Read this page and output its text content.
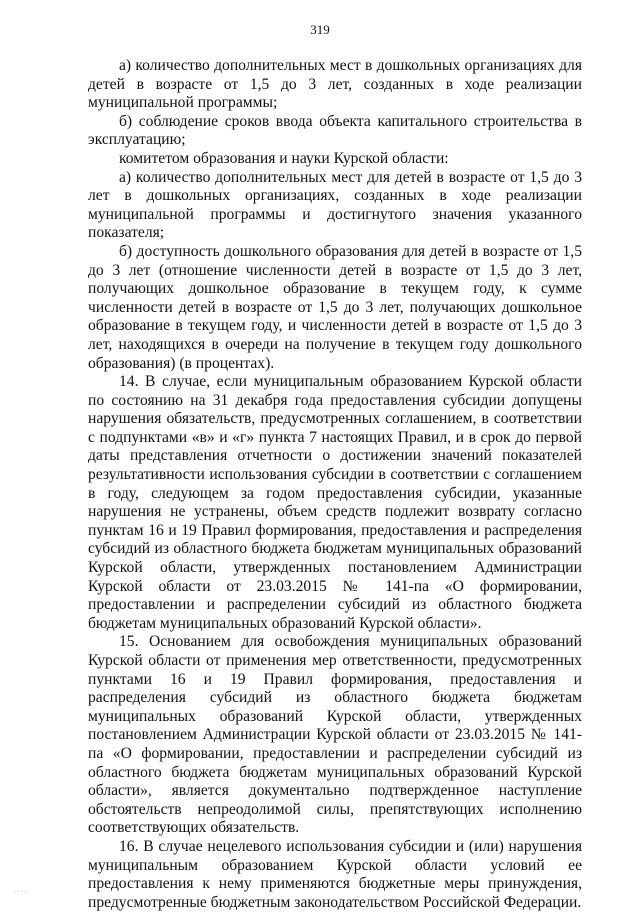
319

а) количество дополнительных мест в дошкольных организациях для детей в возрасте от 1,5 до 3 лет, созданных в ходе реализации муниципальной программы;

б) соблюдение сроков ввода объекта капитального строительства в эксплуатацию;

комитетом образования и науки Курской области:

а) количество дополнительных мест для детей в возрасте от 1,5 до 3 лет в дошкольных организациях, созданных в ходе реализации муниципальной программы и достигнутого значения указанного показателя;

б) доступность дошкольного образования для детей в возрасте от 1,5 до 3 лет (отношение численности детей в возрасте от 1,5 до 3 лет, получающих дошкольное образование в текущем году, к сумме численности детей в возрасте от 1,5 до 3 лет, получающих дошкольное образование в текущем году, и численности детей в возрасте от 1,5 до 3 лет, находящихся в очереди на получение в текущем году дошкольного образования) (в процентах).

14. В случае, если муниципальным образованием Курской области по состоянию на 31 декабря года предоставления субсидии допущены нарушения обязательств, предусмотренных соглашением, в соответствии с подпунктами «в» и «г» пункта 7 настоящих Правил, и в срок до первой даты представления отчетности о достижении значений показателей результативности использования субсидии в соответствии с соглашением в году, следующем за годом предоставления субсидии, указанные нарушения не устранены, объем средств подлежит возврату согласно пунктам 16 и 19 Правил формирования, предоставления и распределения субсидий из областного бюджета бюджетам муниципальных образований Курской области, утвержденных постановлением Администрации Курской области от 23.03.2015 № 141-па «О формировании, предоставлении и распределении субсидий из областного бюджета бюджетам муниципальных образований Курской области».

15. Основанием для освобождения муниципальных образований Курской области от применения мер ответственности, предусмотренных пунктами 16 и 19 Правил формирования, предоставления и распределения субсидий из областного бюджета бюджетам муниципальных образований Курской области, утвержденных постановлением Администрации Курской области от 23.03.2015 № 141-па «О формировании, предоставлении и распределении субсидий из областного бюджета бюджетам муниципальных образований Курской области», является документально подтвержденное наступление обстоятельств непреодолимой силы, препятствующих исполнению соответствующих обязательств.

16. В случае нецелевого использования субсидии и (или) нарушения муниципальным образованием Курской области условий ее предоставления к нему применяются бюджетные меры принуждения, предусмотренные бюджетным законодательством Российской Федерации.

· · · ·
